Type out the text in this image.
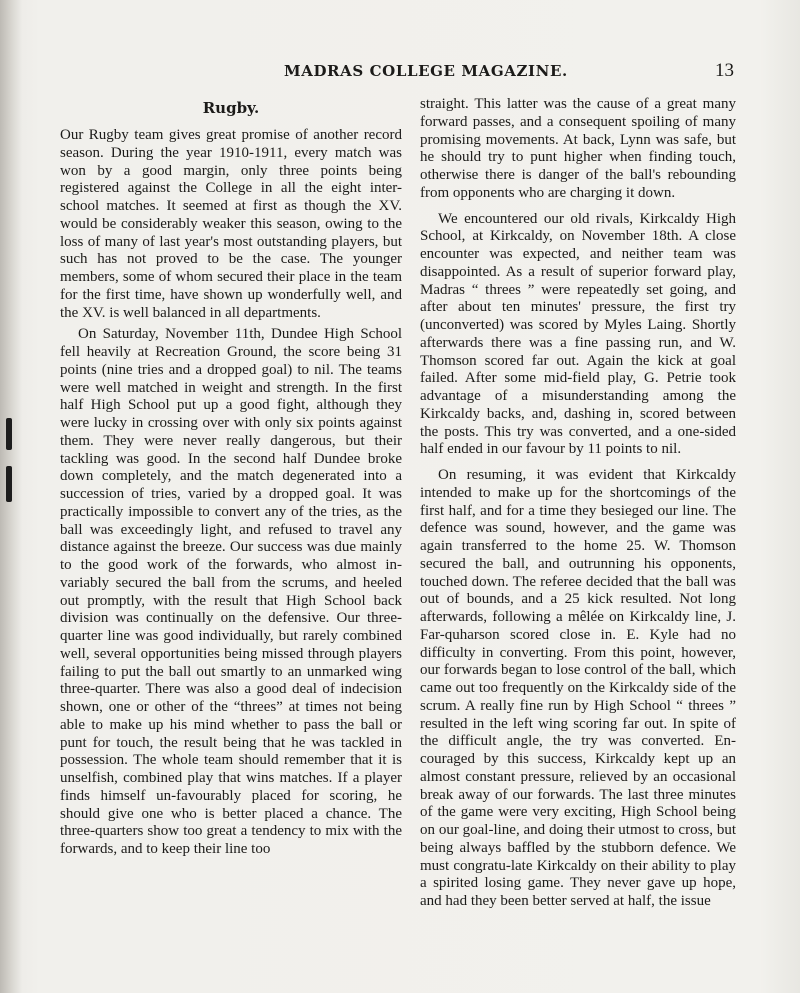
MADRAS COLLEGE MAGAZINE.	13
Rugby.

Our Rugby team gives great promise of another record season. During the year 1910-1911, every match was won by a good margin, only three points being registered against the College in all the eight inter-school matches. It seemed at first as though the XV. would be considerably weaker this season, owing to the loss of many of last year's most outstanding players, but such has not proved to be the case. The younger members, some of whom secured their place in the team for the first time, have shown up wonderfully well, and the XV. is well balanced in all departments.

On Saturday, November 11th, Dundee High School fell heavily at Recreation Ground, the score being 31 points (nine tries and a dropped goal) to nil. The teams were well matched in weight and strength. In the first half High School put up a good fight, although they were lucky in crossing over with only six points against them. They were never really dangerous, but their tackling was good. In the second half Dundee broke down completely, and the match degenerated into a succession of tries, varied by a dropped goal. It was practically impossible to convert any of the tries, as the ball was exceedingly light, and refused to travel any distance against the breeze. Our success was due mainly to the good work of the forwards, who almost in-variably secured the ball from the scrums, and heeled out promptly, with the result that High School back division was continually on the defensive. Our three-quarter line was good individually, but rarely combined well, several opportunities being missed through players failing to put the ball out smartly to an unmarked wing three-quarter. There was also a good deal of indecision shown, one or other of the “threes” at times not being able to make up his mind whether to pass the ball or punt for touch, the result being that he was tackled in possession. The whole team should remember that it is unselfish, combined play that wins matches. If a player finds himself un-favourably placed for scoring, he should give one who is better placed a chance. The three-quarters show too great a tendency to mix with the forwards, and to keep their line too

straight. This latter was the cause of a great many forward passes, and a consequent spoiling of many promising movements. At back, Lynn was safe, but he should try to punt higher when finding touch, otherwise there is danger of the ball's rebounding from opponents who are charging it down.

We encountered our old rivals, Kirkcaldy High School, at Kirkcaldy, on November 18th. A close encounter was expected, and neither team was disappointed. As a result of superior forward play, Madras “ threes ” were repeatedly set going, and after about ten minutes' pressure, the first try (unconverted) was scored by Myles Laing. Shortly afterwards there was a fine passing run, and W. Thomson scored far out. Again the kick at goal failed. After some mid-field play, G. Petrie took advantage of a misunderstanding among the Kirkcaldy backs, and, dashing in, scored between the posts. This try was converted, and a one-sided half ended in our favour by 11 points to nil.

On resuming, it was evident that Kirkcaldy intended to make up for the shortcomings of the first half, and for a time they besieged our line. The defence was sound, however, and the game was again transferred to the home 25. W. Thomson secured the ball, and outrunning his opponents, touched down. The referee decided that the ball was out of bounds, and a 25 kick resulted. Not long afterwards, following a mêlée on Kirkcaldy line, J. Far-quharson scored close in. E. Kyle had no difficulty in converting. From this point, however, our forwards began to lose control of the ball, which came out too frequently on the Kirkcaldy side of the scrum. A really fine run by High School “ threes ” resulted in the left wing scoring far out. In spite of the difficult angle, the try was converted. En-couraged by this success, Kirkcaldy kept up an almost constant pressure, relieved by an occasional break away of our forwards. The last three minutes of the game were very exciting, High School being on our goal-line, and doing their utmost to cross, but being always baffled by the stubborn defence. We must congratu-late Kirkcaldy on their ability to play a spirited losing game. They never gave up hope, and had they been better served at half, the issue
